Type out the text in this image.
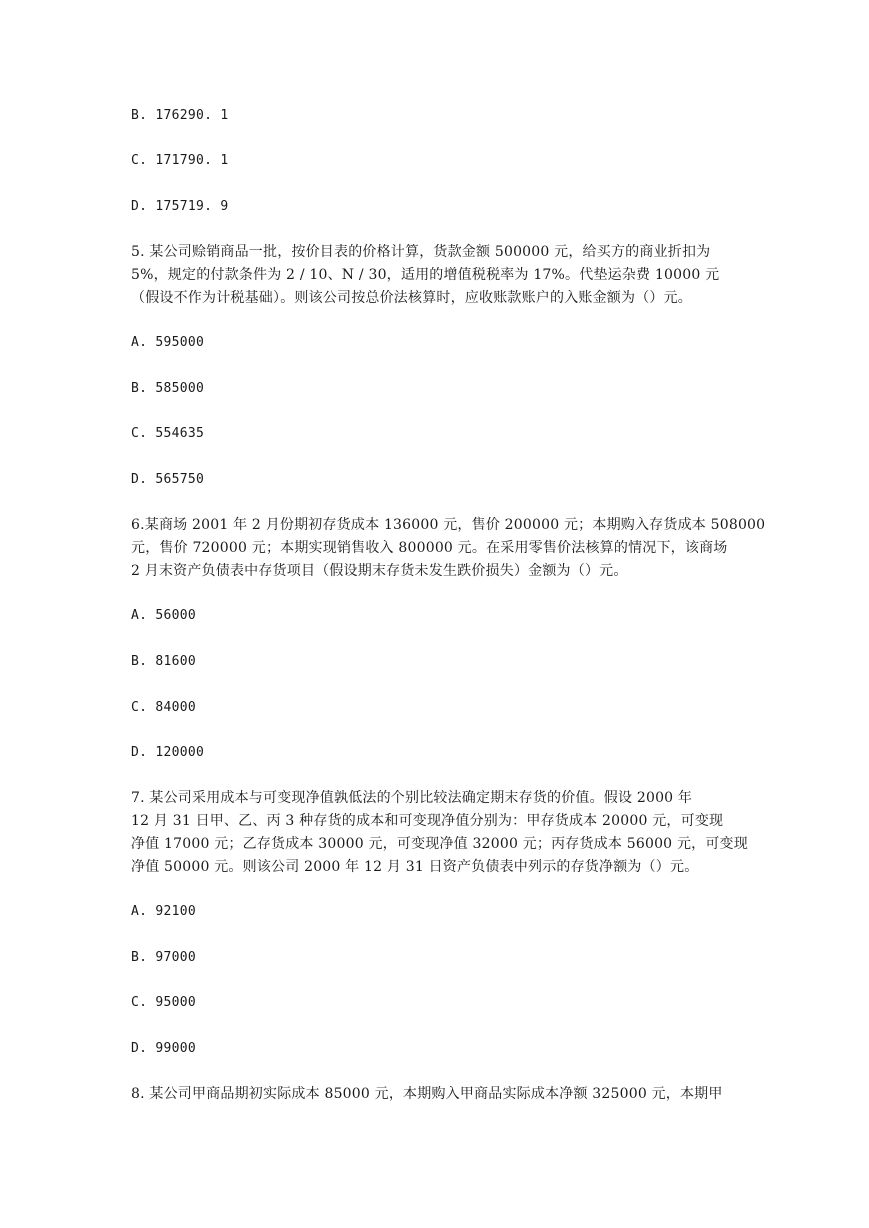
B. 176290. 1
C. 171790. 1
D. 175719. 9
5. 某公司赊销商品一批，按价目表的价格计算，货款金额 500000 元，给买方的商业折扣为
5%，规定的付款条件为 2 / 10、N / 30，适用的增值税税率为 17%。代垫运杂费 10000 元
（假设不作为计税基础）。则该公司按总价法核算时，应收账款账户的入账金额为（）元。
A. 595000
B. 585000
C. 554635
D. 565750
6.某商场 2001 年 2 月份期初存货成本 136000 元，售价 200000 元；本期购入存货成本 508000
元，售价 720000 元；本期实现销售收入 800000 元。在采用零售价法核算的情况下，该商场
2 月末资产负债表中存货项目（假设期末存货未发生跌价损失）金额为（）元。
A. 56000
B. 81600
C. 84000
D. 120000
7. 某公司采用成本与可变现净值孰低法的个别比较法确定期末存货的价值。假设 2000 年
12 月 31 日甲、乙、丙 3 种存货的成本和可变现净值分别为：甲存货成本 20000 元，可变现
净值 17000 元；乙存货成本 30000 元，可变现净值 32000 元；丙存货成本 56000 元，可变现
净值 50000 元。则该公司 2000 年 12 月 31 日资产负债表中列示的存货净额为（）元。
A. 92100
B. 97000
C. 95000
D. 99000
8. 某公司甲商品期初实际成本 85000 元，本期购入甲商品实际成本净额 325000 元，本期甲
